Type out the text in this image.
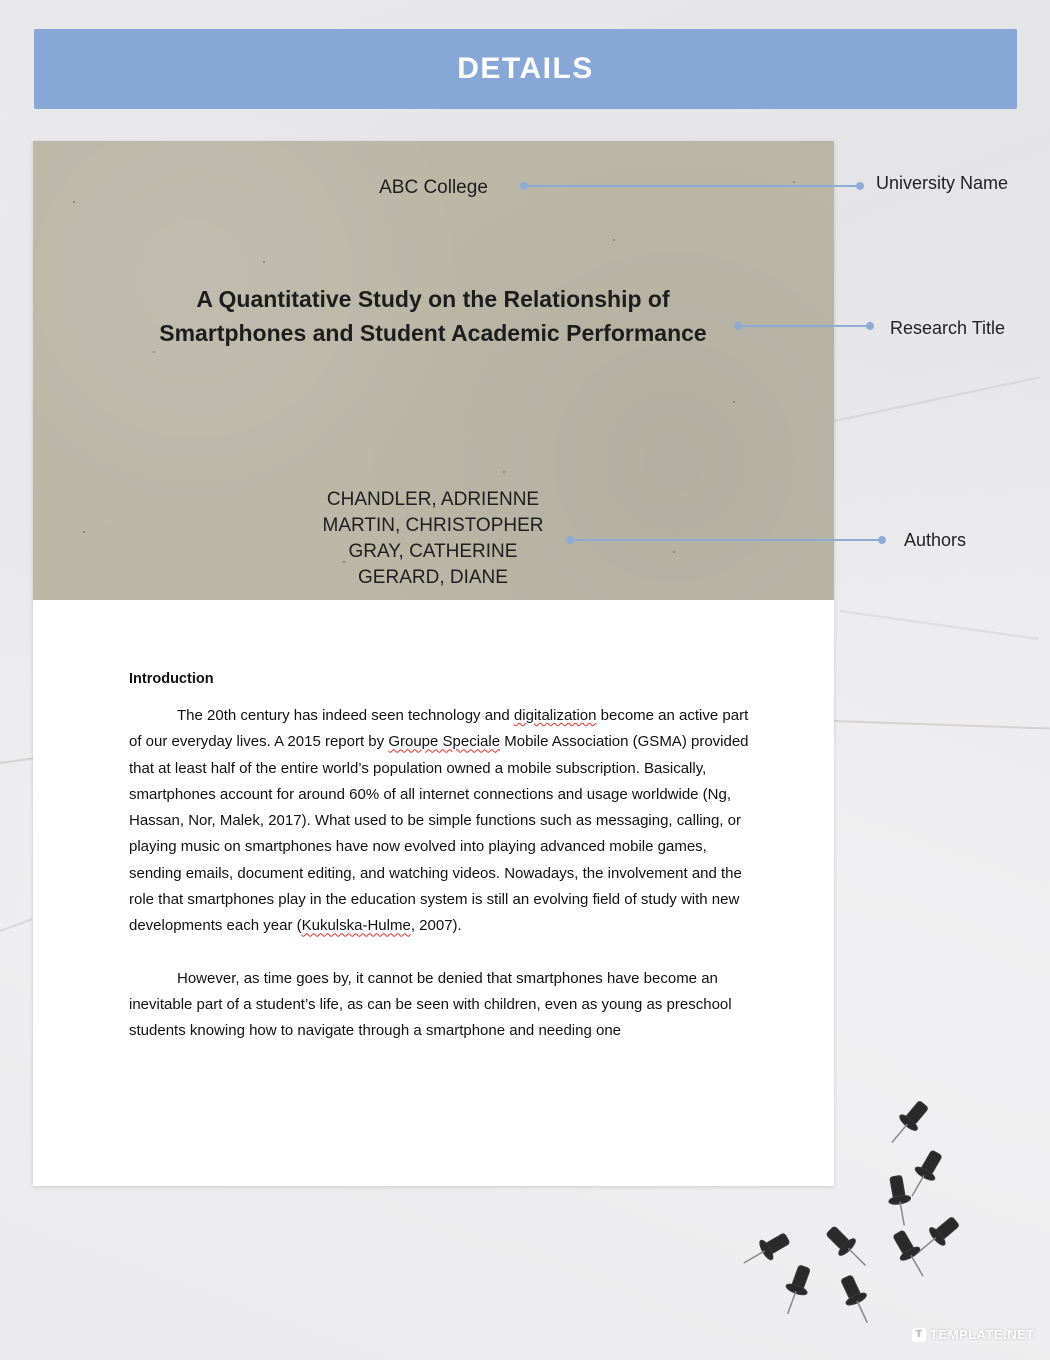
DETAILS
ABC College
A Quantitative Study on the Relationship of Smartphones and Student Academic Performance
CHANDLER, ADRIENNE
MARTIN, CHRISTOPHER
GRAY, CATHERINE
GERARD, DIANE
Introduction

The 20th century has indeed seen technology and digitalization become an active part of our everyday lives. A 2015 report by Groupe Speciale Mobile Association (GSMA) provided that at least half of the entire world’s population owned a mobile subscription. Basically, smartphones account for around 60% of all internet connections and usage worldwide (Ng, Hassan, Nor, Malek, 2017). What used to be simple functions such as messaging, calling, or playing music on smartphones have now evolved into playing advanced mobile games, sending emails, document editing, and watching videos. Nowadays, the involvement and the role that smartphones play in the education system is still an evolving field of study with new developments each year (Kukulska-Hulme, 2007).

However, as time goes by, it cannot be denied that smartphones have become an inevitable part of a student’s life, as can be seen with children, even as young as preschool students knowing how to navigate through a smartphone and needing one

University Name
Research Title
Authors
T TEMPLATE.NET
